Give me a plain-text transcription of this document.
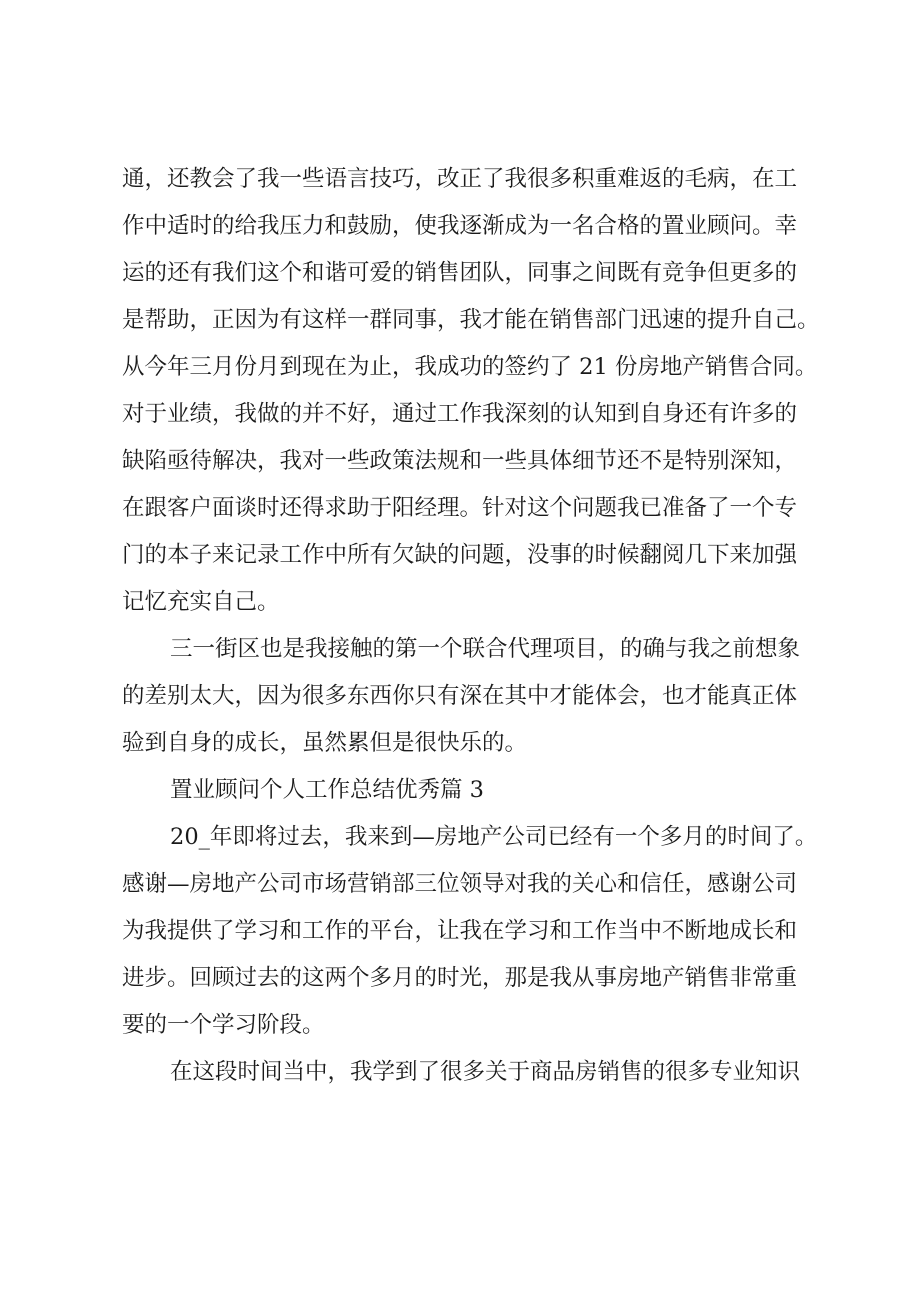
通，还教会了我一些语言技巧，改正了我很多积重难返的毛病，在工
作中适时的给我压力和鼓励，使我逐渐成为一名合格的置业顾问。幸
运的还有我们这个和谐可爱的销售团队，同事之间既有竞争但更多的
是帮助，正因为有这样一群同事，我才能在销售部门迅速的提升自己。
从今年三月份月到现在为止，我成功的签约了 21 份房地产销售合同。
对于业绩，我做的并不好，通过工作我深刻的认知到自身还有许多的
缺陷亟待解决，我对一些政策法规和一些具体细节还不是特别深知，
在跟客户面谈时还得求助于阳经理。针对这个问题我已准备了一个专
门的本子来记录工作中所有欠缺的问题，没事的时候翻阅几下来加强
记忆充实自己。
三一街区也是我接触的第一个联合代理项目，的确与我之前想象
的差别太大，因为很多东西你只有深在其中才能体会，也才能真正体
验到自身的成长，虽然累但是很快乐的。
置业顾问个人工作总结优秀篇 3
20_年即将过去，我来到—房地产公司已经有一个多月的时间了。
感谢—房地产公司市场营销部三位领导对我的关心和信任，感谢公司
为我提供了学习和工作的平台，让我在学习和工作当中不断地成长和
进步。回顾过去的这两个多月的时光，那是我从事房地产销售非常重
要的一个学习阶段。
在这段时间当中，我学到了很多关于商品房销售的很多专业知识
